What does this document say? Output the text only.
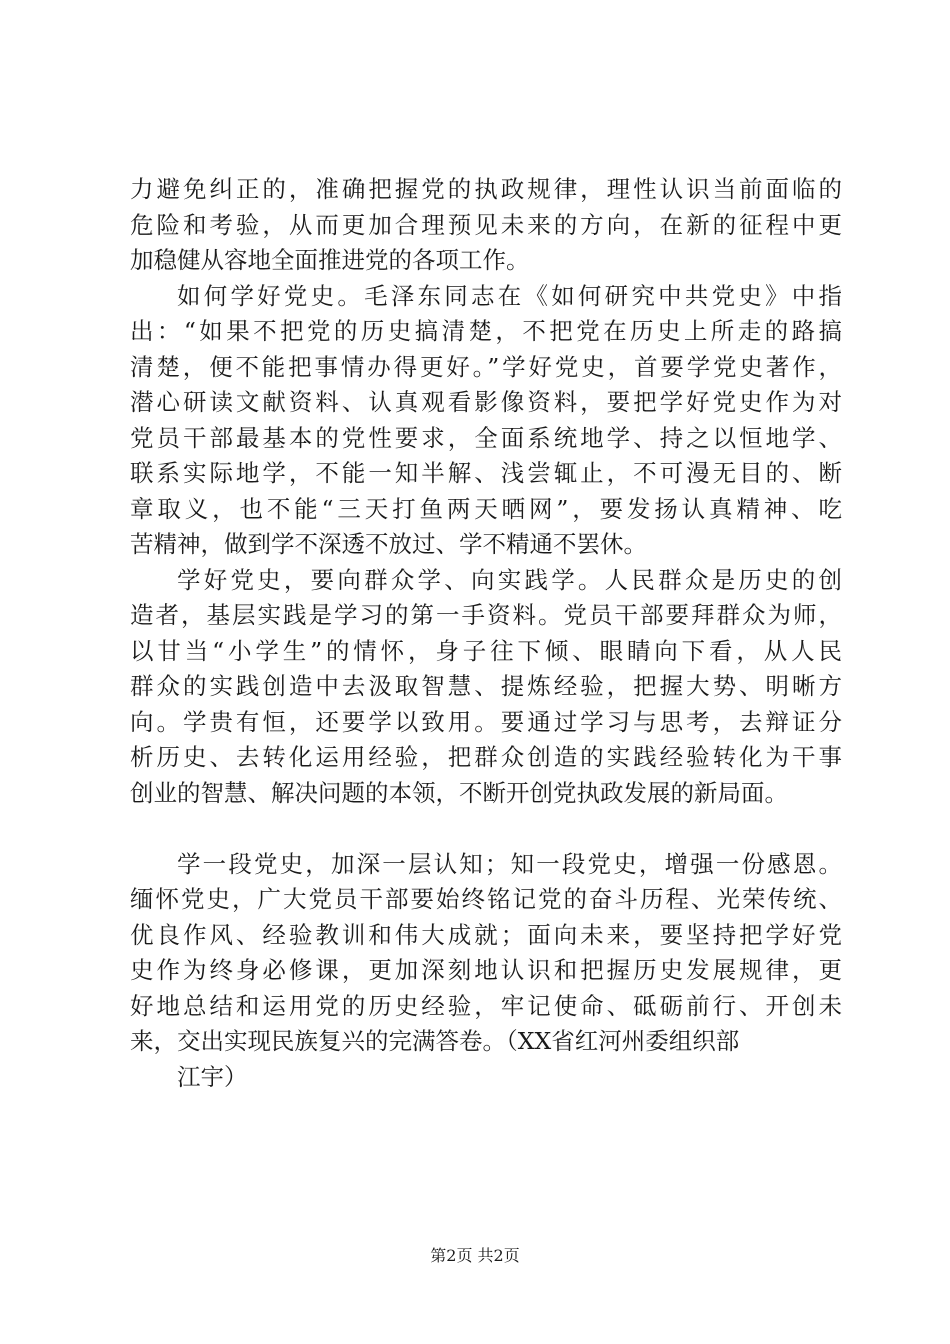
力避免纠正的，准确把握党的执政规律，理性认识当前面临的
危险和考验，从而更加合理预见未来的方向，在新的征程中更
加稳健从容地全面推进党的各项工作。
如何学好党史。毛泽东同志在《如何研究中共党史》中指
出：“如果不把党的历史搞清楚，不把党在历史上所走的路搞
清楚，便不能把事情办得更好。”学好党史，首要学党史著作，
潜心研读文献资料、认真观看影像资料，要把学好党史作为对
党员干部最基本的党性要求，全面系统地学、持之以恒地学、
联系实际地学，不能一知半解、浅尝辄止，不可漫无目的、断
章取义，也不能“三天打鱼两天晒网”，要发扬认真精神、吃
苦精神，做到学不深透不放过、学不精通不罢休。
学好党史，要向群众学、向实践学。人民群众是历史的创
造者，基层实践是学习的第一手资料。党员干部要拜群众为师，
以甘当“小学生”的情怀，身子往下倾、眼睛向下看，从人民
群众的实践创造中去汲取智慧、提炼经验，把握大势、明晰方
向。学贵有恒，还要学以致用。要通过学习与思考，去辩证分
析历史、去转化运用经验，把群众创造的实践经验转化为干事
创业的智慧、解决问题的本领，不断开创党执政发展的新局面。
学一段党史，加深一层认知；知一段党史，增强一份感恩。
缅怀党史，广大党员干部要始终铭记党的奋斗历程、光荣传统、
优良作风、经验教训和伟大成就；面向未来，要坚持把学好党
史作为终身必修课，更加深刻地认识和把握历史发展规律，更
好地总结和运用党的历史经验，牢记使命、砥砺前行、开创未
来，交出实现民族复兴的完满答卷。（XX省红河州委组织部
江宇）
第2页 共2页
